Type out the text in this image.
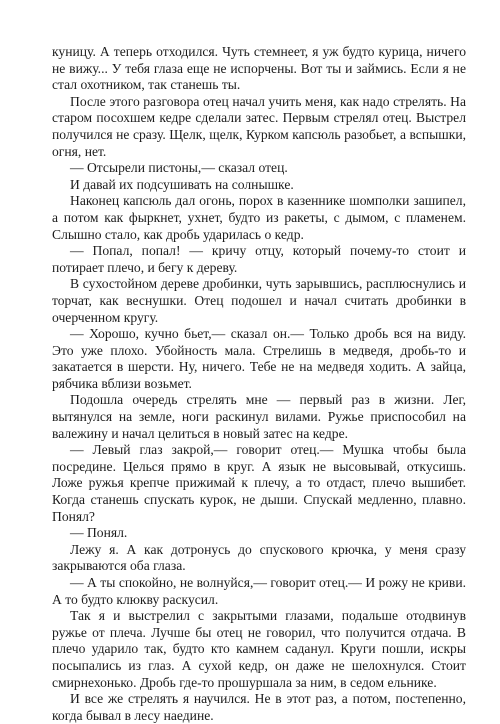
куницу. А теперь отходился. Чуть стемнеет, я уж будто курица, ничего не вижу... У тебя глаза еще не испорчены. Вот ты и займись. Если я не стал охотником, так станешь ты.

После этого разговора отец начал учить меня, как надо стрелять. На старом посохшем кедре сделали затес. Первым стрелял отец. Выстрел получился не сразу. Щелк, щелк, Курком капсюль разобьет, а вспышки, огня, нет.

— Отсырели пистоны,— сказал отец.

И давай их подсушивать на солнышке.

Наконец капсюль дал огонь, порох в казеннике шомполки зашипел, а потом как фыркнет, ухнет, будто из ракеты, с дымом, с пламенем. Слышно стало, как дробь ударилась о кедр.

— Попал, попал! — кричу отцу, который почему-то стоит и потирает плечо, и бегу к дереву.

В сухостойном дереве дробинки, чуть зарывшись, расплюснулись и торчат, как веснушки. Отец подошел и начал считать дробинки в очерченном кругу.

— Хорошо, кучно бьет,— сказал он.— Только дробь вся на виду. Это уже плохо. Убойность мала. Стрелишь в медведя, дробь-то и закатается в шерсти. Ну, ничего. Тебе не на медведя ходить. А зайца, рябчика вблизи возьмет.

Подошла очередь стрелять мне — первый раз в жизни. Лег, вытянулся на земле, ноги раскинул вилами. Ружье приспособил на валежину и начал целиться в новый затес на кедре.

— Левый глаз закрой,— говорит отец.— Мушка чтобы была посредине. Целься прямо в круг. А язык не высовывай, откусишь. Ложе ружья крепче прижимай к плечу, а то отдаст, плечо вышибет. Когда станешь спускать курок, не дыши. Спускай медленно, плавно. Понял?

— Понял.

Лежу я. А как дотронусь до спускового крючка, у меня сразу закрываются оба глаза.

— А ты спокойно, не волнуйся,— говорит отец.— И рожу не криви. А то будто клюкву раскусил.

Так я и выстрелил с закрытыми глазами, подальше отодвинув ружье от плеча. Лучше бы отец не говорил, что получится отдача. В плечо ударило так, будто кто камнем саданул. Круги пошли, искры посыпались из глаз. А сухой кедр, он даже не шелохнулся. Стоит смирнехонько. Дробь где-то прошуршала за ним, в седом ельнике.

И все же стрелять я научился. Не в этот раз, а потом, постепенно, когда бывал в лесу наедине.
